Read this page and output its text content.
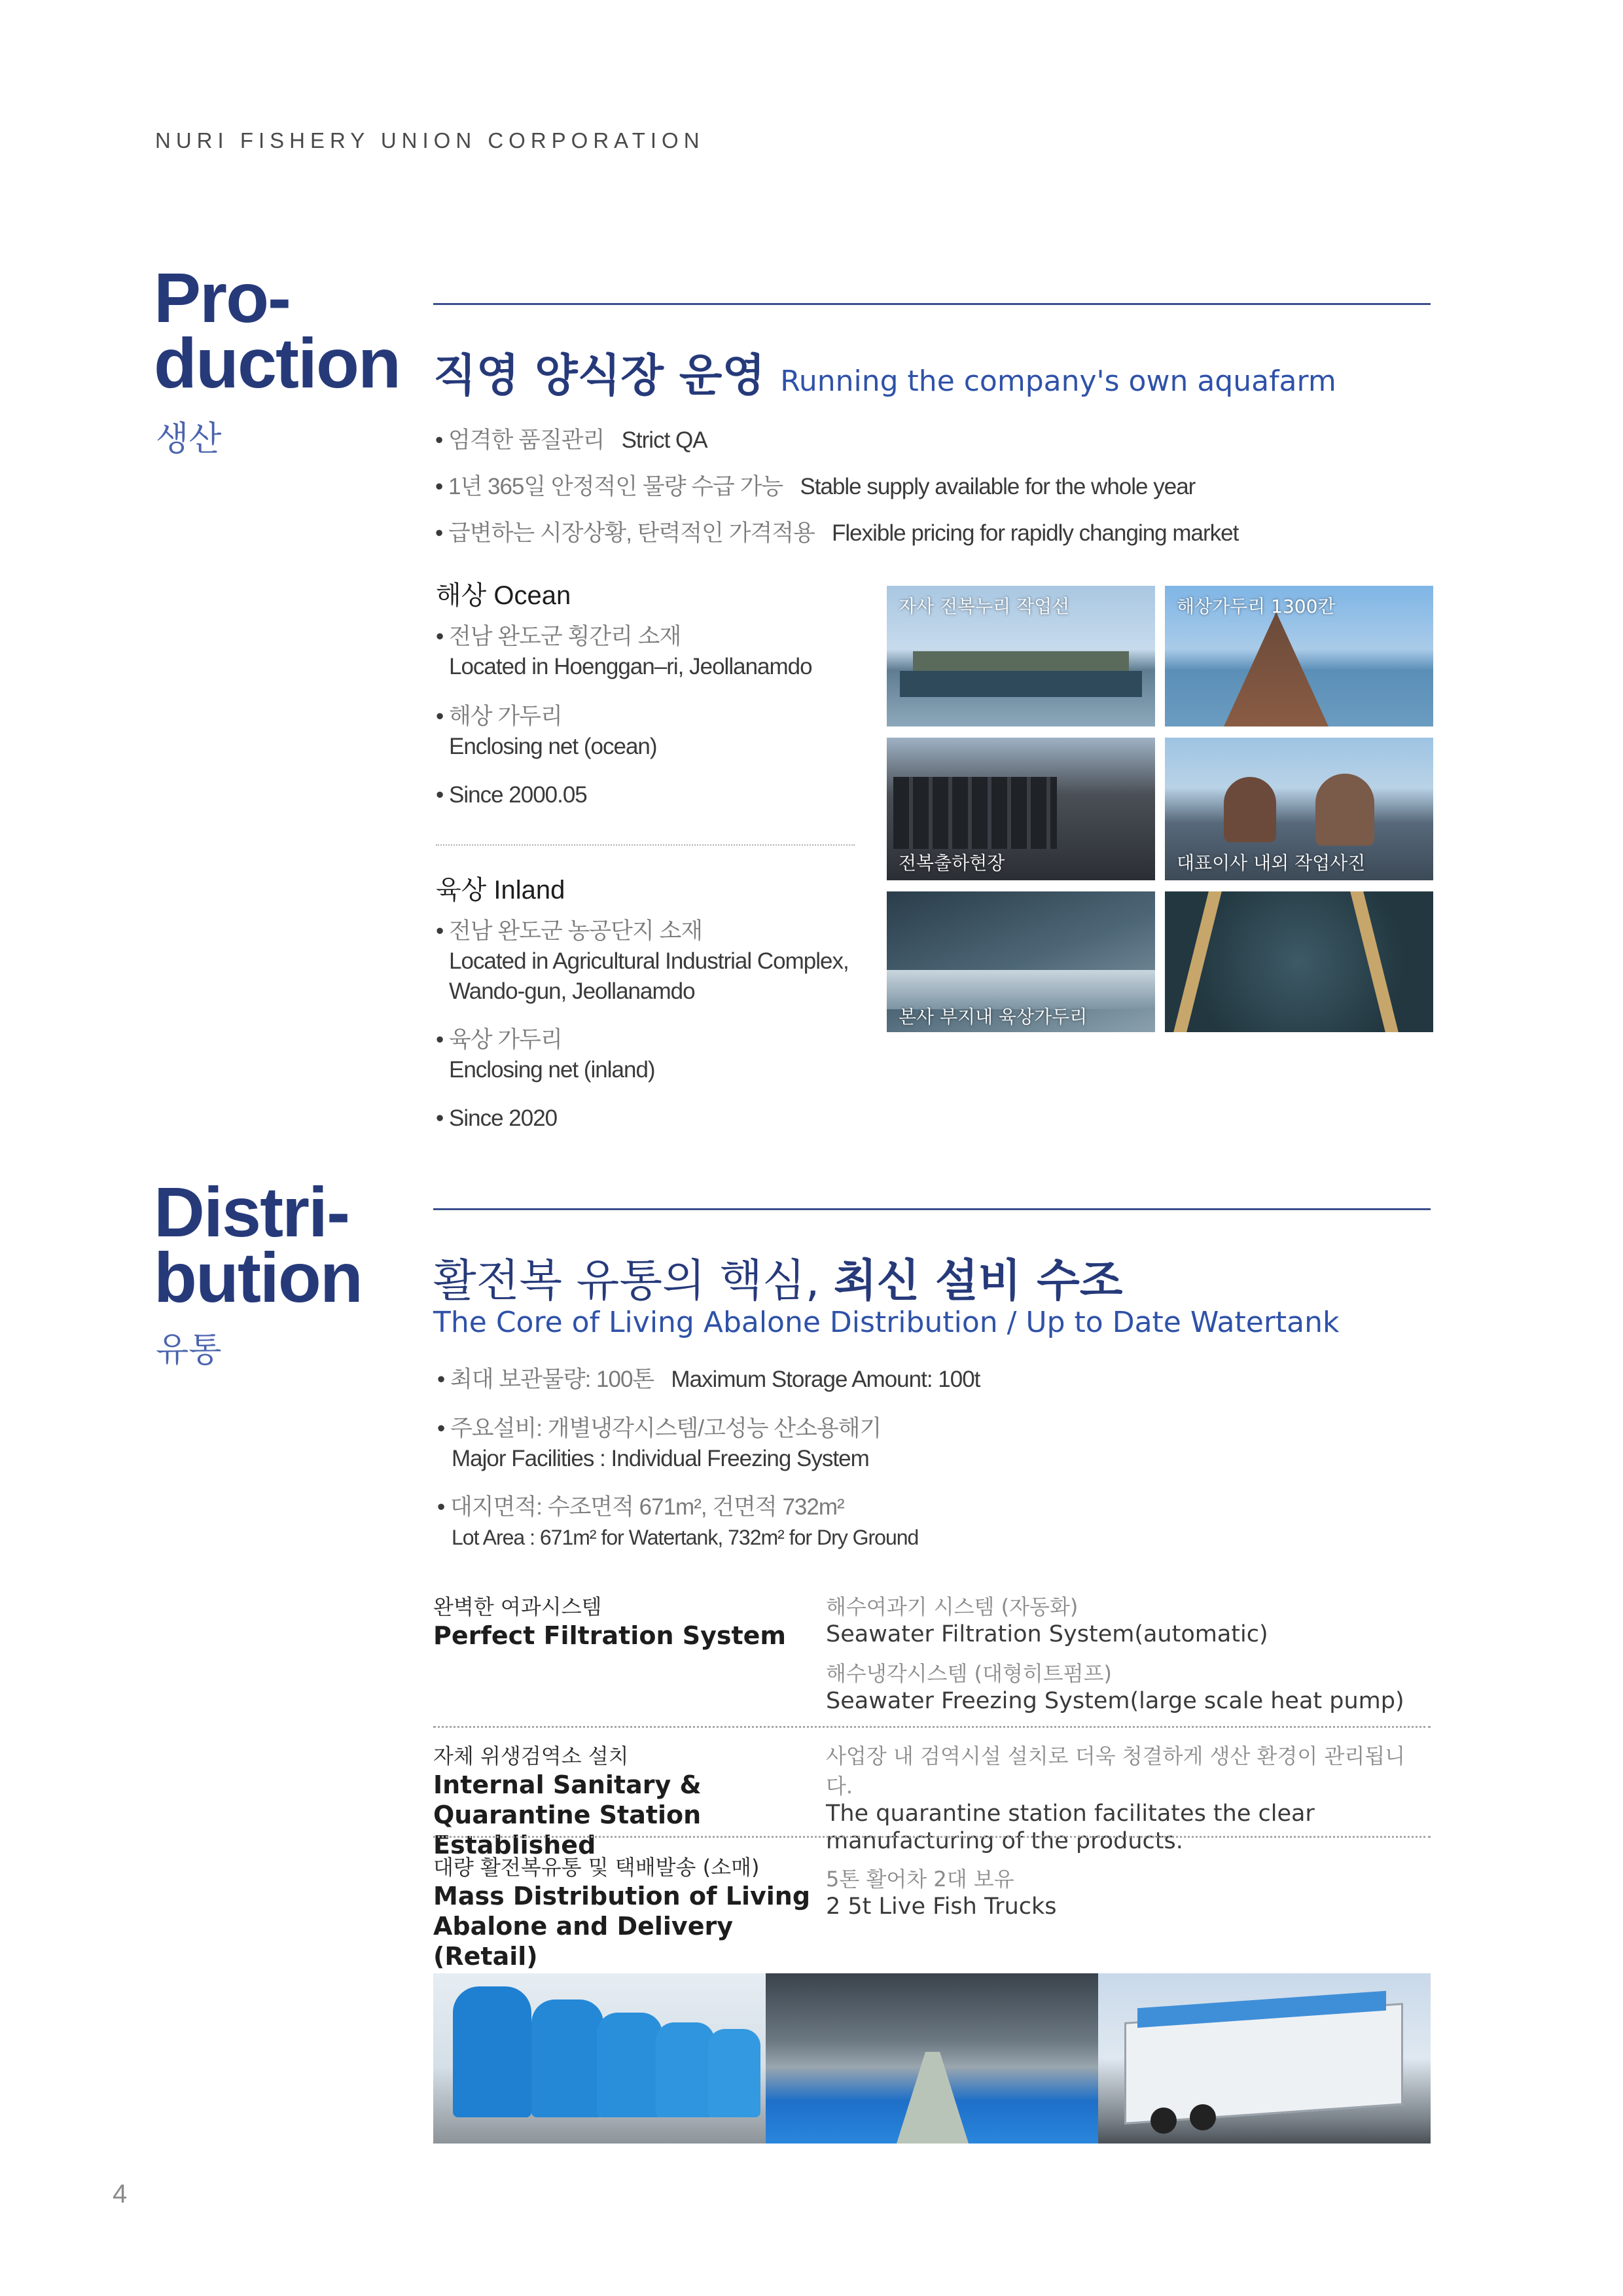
NURI FISHERY UNION CORPORATION
Pro-
duction
생산
직영 양식장 운영 Running the company's own aquafarm
• 엄격한 품질관리 Strict QA
• 1년 365일 안정적인 물량 수급 가능 Stable supply available for the whole year
• 급변하는 시장상황, 탄력적인 가격적용 Flexible pricing for rapidly changing market
해상 Ocean
• 전남 완도군 횡간리 소재
Located in Hoenggan–ri, Jeollanamdo
• 해상 가두리
Enclosing net (ocean)
• Since 2000.05
육상 Inland
• 전남 완도군 농공단지 소재
Located in Agricultural Industrial Complex,
Wando-gun, Jeollanamdo
• 육상 가두리
Enclosing net (inland)
• Since 2020
자사 전복누리 작업선	해상가두리 1300칸
전복출하현장	대표이사 내외 작업사진
본사 부지내 육상가두리
Distri-
bution
유통
활전복 유통의 핵심, 최신 설비 수조
The Core of Living Abalone Distribution / Up to Date Watertank
• 최대 보관물량: 100톤 Maximum Storage Amount: 100t
• 주요설비: 개별냉각시스템/고성능 산소용해기
Major Facilities : Individual Freezing System
• 대지면적: 수조면적 671m², 건면적 732m²
Lot Area : 671m² for Watertank, 732m² for Dry Ground
완벽한 여과시스템
Perfect Filtration System
해수여과기 시스템 (자동화)
Seawater Filtration System(automatic)
해수냉각시스템 (대형히트펌프)
Seawater Freezing System(large scale heat pump)
자체 위생검역소 설치
Internal Sanitary & Quarantine Station Established
사업장 내 검역시설 설치로 더욱 청결하게 생산 환경이 관리됩니다.
The quarantine station facilitates the clear manufacturing of the products.
대량 활전복유통 및 택배발송 (소매)
Mass Distribution of Living Abalone and Delivery (Retail)
5톤 활어차 2대 보유
2 5t Live Fish Trucks
4
